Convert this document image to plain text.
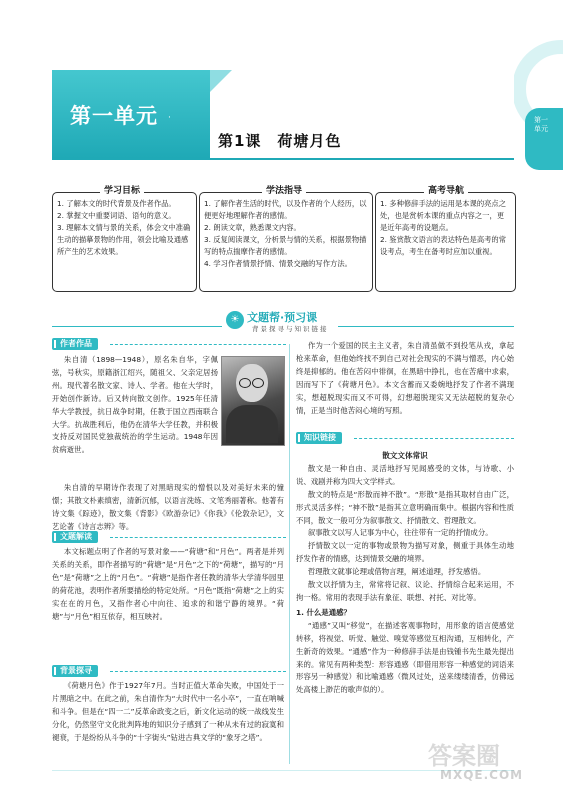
第一单元 ·
第1课　荷塘月色
第一单元
学习目标
1. 了解本文的时代背景及作者作品。
2. 掌握文中重要词语、语句的意义。
3. 理解本文情与景的关系，体会文中准确生动的描摹景物的作用，领会比喻及通感所产生的艺术效果。
学法指导
1. 了解作者生活的时代，以及作者的个人经历，以便更好地理解作者的感情。
2. 朗读文章，熟悉课文内容。
3. 反复阅读课文，分析景与情的关系，根据景物描写的特点揣摩作者的感情。
4. 学习作者情景抒情、情景交融的写作方法。
高考导航
1. 多种修辞手法的运用是本课的亮点之处，也是赏析本课的重点内容之一，更是近年高考的设题点。
2. 鉴赏散文语言的表达特色是高考的常设考点，考生在备考时应加以重视。
☀ 文题帮·预习课
背景探寻与知识链接
作者作品

朱自清（1898—1948），原名朱自华，字佩弦，号秋实，原籍浙江绍兴，随祖父、父亲定居扬州。现代著名散文家、诗人、学者。他在大学时，开始创作新诗。后又转向散文创作。1925年任清华大学教授，抗日战争时期，任教于国立西南联合大学。抗战胜利后，他仍在清华大学任教，并积极支持反对国民党独裁统治的学生运动。1948年因贫病逝世。

朱自清的早期诗作表现了对黑暗现实的憎恨以及对美好未来的憧憬；其散文朴素缜密，清新沉郁，以语言洗练、文笔秀丽著称。他著有诗文集《踪迹》，散文集《背影》《欧游杂记》《你我》《伦敦杂记》，文艺论著《诗言志辨》等。

文题解读

本文标题点明了作者的写景对象——“荷塘”和“月色”。两者是并列关系的关系，即作者描写的“荷塘”是“月色”之下的“荷塘”，描写的“月色”是“荷塘”之上的“月色”。“荷塘”是指作者任教的清华大学清华园里的荷花池，表明作者所要描绘的特定处所。“月色”既指“荷塘”之上的实实在在的月色，又指作者心中向往、追求的和谐宁静的境界。“荷塘”与“月色”相互依存，相互映衬。

背景探寻

《荷塘月色》作于1927年7月。当时正值大革命失败，中国处于一片黑暗之中。在此之前，朱自清作为“大时代中一名小卒”，一直在呐喊和斗争。但是在“四一二”反革命政变之后，新文化运动的统一战线发生分化，仍然坚守文化批判阵地的知识分子感到了一种从未有过的寂寞和褪衰，于是纷纷从斗争的“十字街头”钻进古典文学的“象牙之塔”。

作为一个爱国的民主主义者，朱自清虽做不到投笔从戎，拿起枪来革命，但他始终找不到自己对社会现实的不满与憎恶，内心始终是抑郁的。他在苦闷中徘徊，在黑暗中挣扎，也在苦痛中求索，因而写下了《荷塘月色》。本文含蓄而又委婉地抒发了作者不满现实，想超脱现实而又不可得，幻想超脱现实又无法超脱的复杂心情，正是当时他苦闷心境的写照。

知识链接
散文文体常识

散文是一种自由、灵活地抒写见闻感受的文体，与诗歌、小说、戏剧并称为四大文学样式。

散文的特点是“形散而神不散”。“形散”是指其取材自由广泛，形式灵活多样；“神不散”是指其立意明确而集中。根据内容和性质不同，散文一般可分为叙事散文、抒情散文、哲理散文。

叙事散文以写人记事为中心，往往带有一定的抒情成分。

抒情散文以一定的事物或景物为描写对象，侧重于具体生动地抒发作者的情感，达到情景交融的境界。

哲理散文就事论理或借物言理，阐述道理，抒发感悟。

散文以抒情为主，常常将记叙、议论、抒情综合起来运用，不拘一格。常用的表现手法有象征、联想、衬托、对比等。

1. 什么是通感？

“通感”又叫“移觉”，在描述客观事物时，用形象的语言使感觉转移，将视觉、听觉、触觉、嗅觉等感觉互相沟通，互相转化，产生新奇的效果。“通感”作为一种修辞手法是由钱锺书先生最先提出来的。常见有两种类型：形容通感（即借用形容一种感觉的词语来形容另一种感觉）和比喻通感（微风过处，送来缕缕清香，仿佛远处高楼上渺茫的歌声似的）。

答案圈
MXQE.COM
